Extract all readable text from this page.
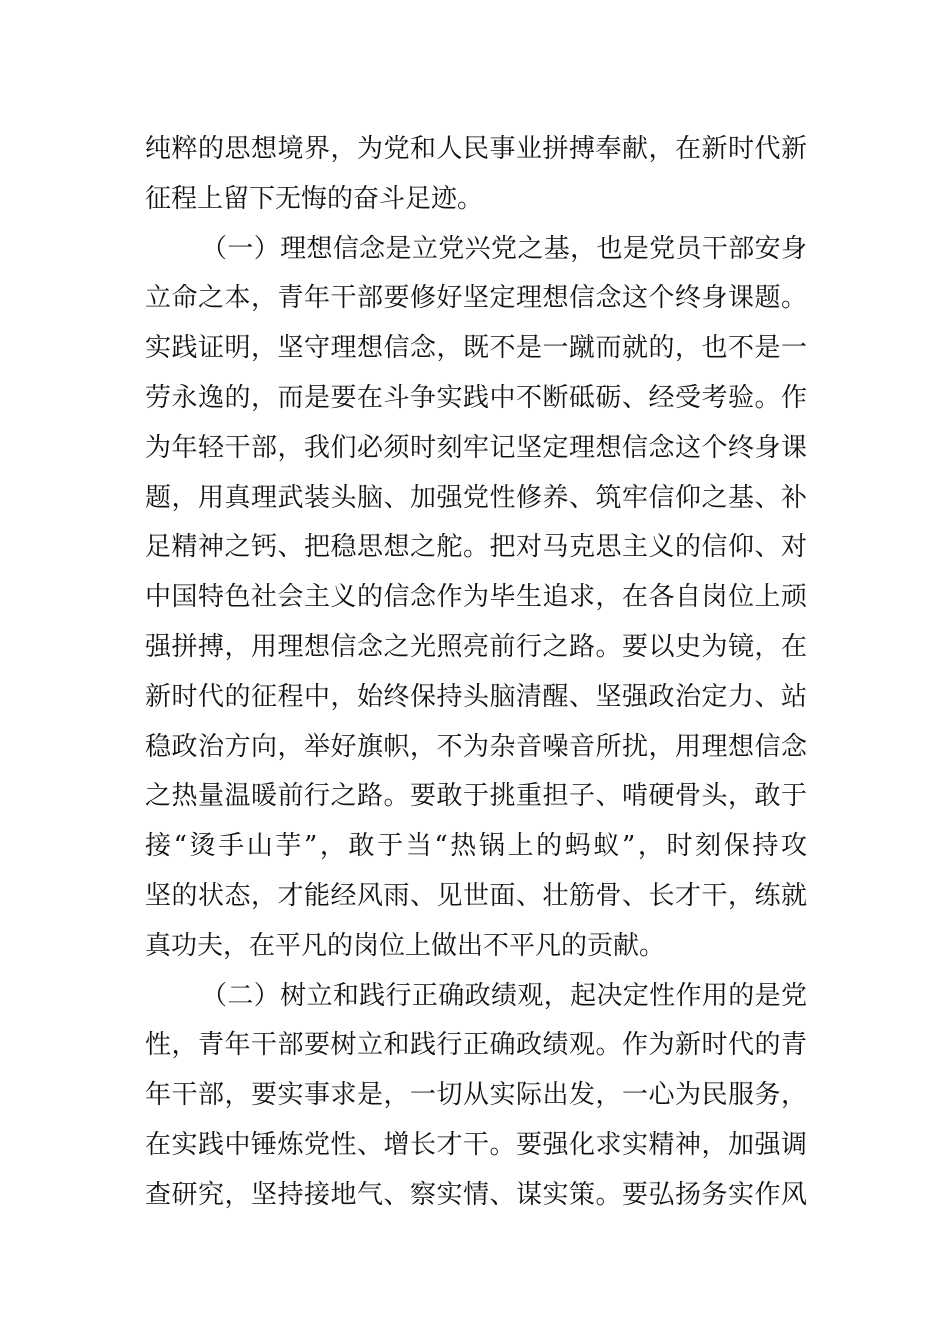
纯粹的思想境界，为党和人民事业拼搏奉献，在新时代新
征程上留下无悔的奋斗足迹。
（一）理想信念是立党兴党之基，也是党员干部安身
立命之本，青年干部要修好坚定理想信念这个终身课题。
实践证明，坚守理想信念，既不是一蹴而就的，也不是一
劳永逸的，而是要在斗争实践中不断砥砺、经受考验。作
为年轻干部，我们必须时刻牢记坚定理想信念这个终身课
题，用真理武装头脑、加强党性修养、筑牢信仰之基、补
足精神之钙、把稳思想之舵。把对马克思主义的信仰、对
中国特色社会主义的信念作为毕生追求，在各自岗位上顽
强拼搏，用理想信念之光照亮前行之路。要以史为镜，在
新时代的征程中，始终保持头脑清醒、坚强政治定力、站
稳政治方向，举好旗帜，不为杂音噪音所扰，用理想信念
之热量温暖前行之路。要敢于挑重担子、啃硬骨头，敢于
接“烫手山芋”，敢于当“热锅上的蚂蚁”，时刻保持攻
坚的状态，才能经风雨、见世面、壮筋骨、长才干，练就
真功夫，在平凡的岗位上做出不平凡的贡献。
（二）树立和践行正确政绩观，起决定性作用的是党
性，青年干部要树立和践行正确政绩观。作为新时代的青
年干部，要实事求是，一切从实际出发，一心为民服务，
在实践中锤炼党性、增长才干。要强化求实精神，加强调
查研究，坚持接地气、察实情、谋实策。要弘扬务实作风
